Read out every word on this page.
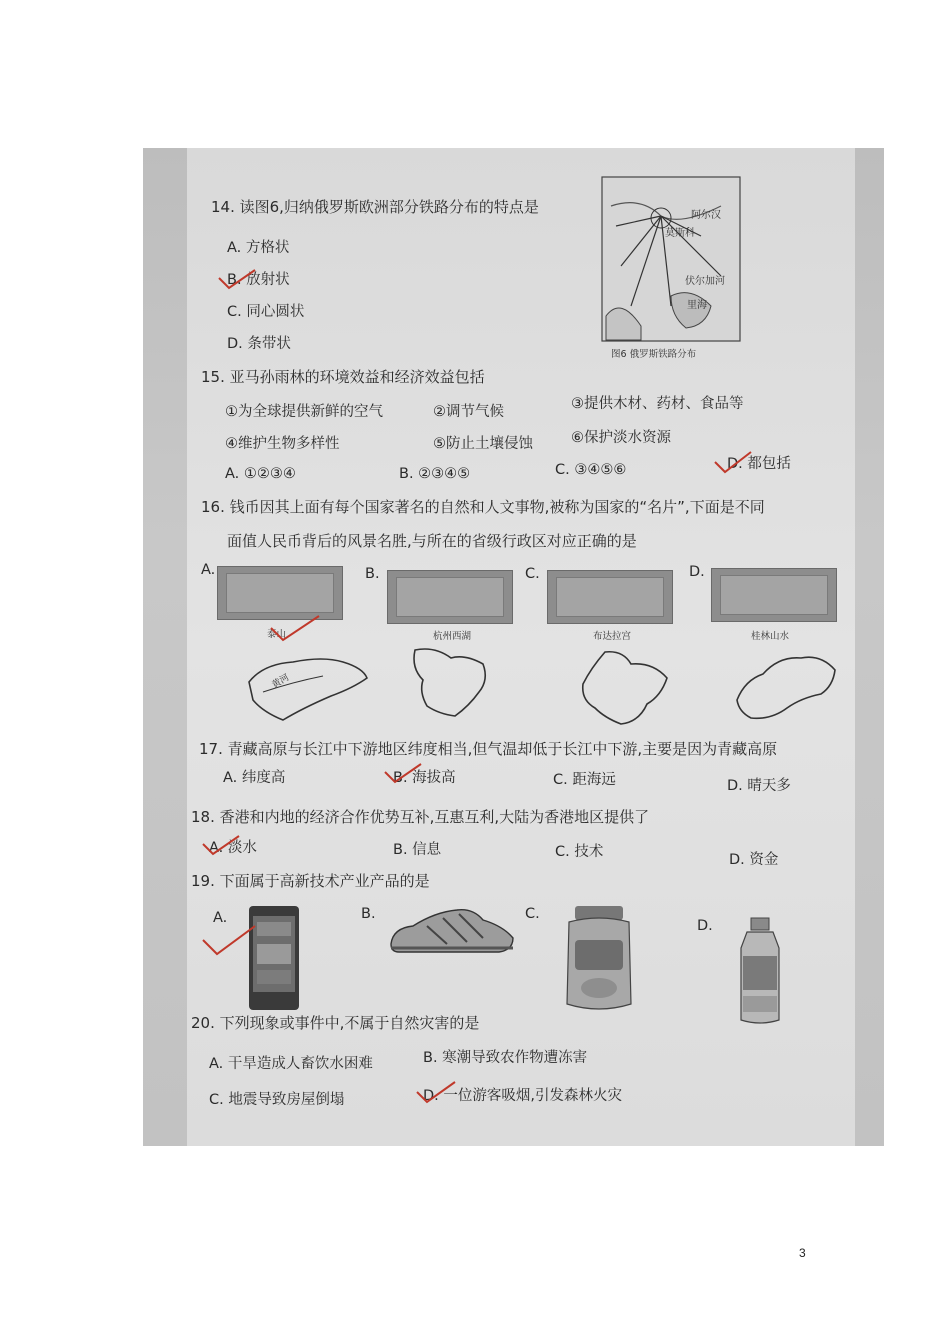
14. 读图6,归纳俄罗斯欧洲部分铁路分布的特点是
A. 方格状
B. 放射状
C. 同心圆状
D. 条带状
阿尔汉
莫斯科
伏尔加河
里海
图6 俄罗斯铁路分布
15. 亚马孙雨林的环境效益和经济效益包括
①为全球提供新鲜的空气	②调节气候	③提供木材、药材、食品等
④维护生物多样性	⑤防止土壤侵蚀	⑥保护淡水资源
A. ①②③④	B. ②③④⑤	C. ③④⑤⑥	D. 都包括
16. 钱币因其上面有每个国家著名的自然和人文事物,被称为国家的“名片”,下面是不同
面值人民币背后的风景名胜,与所在的省级行政区对应正确的是
A.	B.	C.	D.
泰山	杭州西湖	布达拉宫	桂林山水
黄河
17. 青藏高原与长江中下游地区纬度相当,但气温却低于长江中下游,主要是因为青藏高原
A. 纬度高	B. 海拔高	C. 距海远	D. 晴天多
18. 香港和内地的经济合作优势互补,互惠互利,大陆为香港地区提供了
A. 淡水	B. 信息	C. 技术	D. 资金
19. 下面属于高新技术产业产品的是
A.	B.	C.
D.
20. 下列现象或事件中,不属于自然灾害的是
A. 干旱造成人畜饮水困难	B. 寒潮导致农作物遭冻害
C. 地震导致房屋倒塌	D. 一位游客吸烟,引发森林火灾
3
